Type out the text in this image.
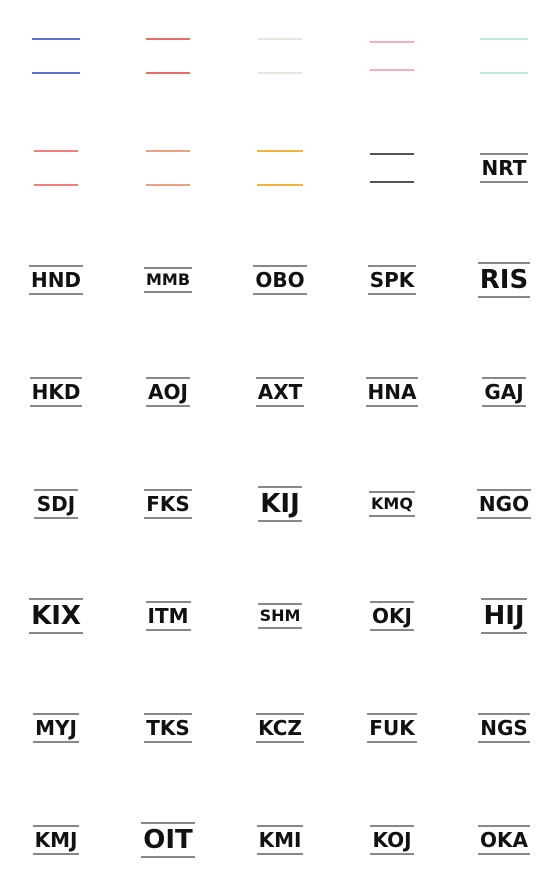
NH	JL	JW	MM	HD
D7	BC	GK	JPN	NRT
HND	MMB	OBO	SPK	RIS
HKD	AOJ	AXT	HNA	GAJ
SDJ	FKS	KIJ	KMQ	NGO
KIX	ITM	SHM	OKJ	HIJ
MYJ	TKS	KCZ	FUK	NGS
KMJ	OIT	KMI	KOJ	OKA
